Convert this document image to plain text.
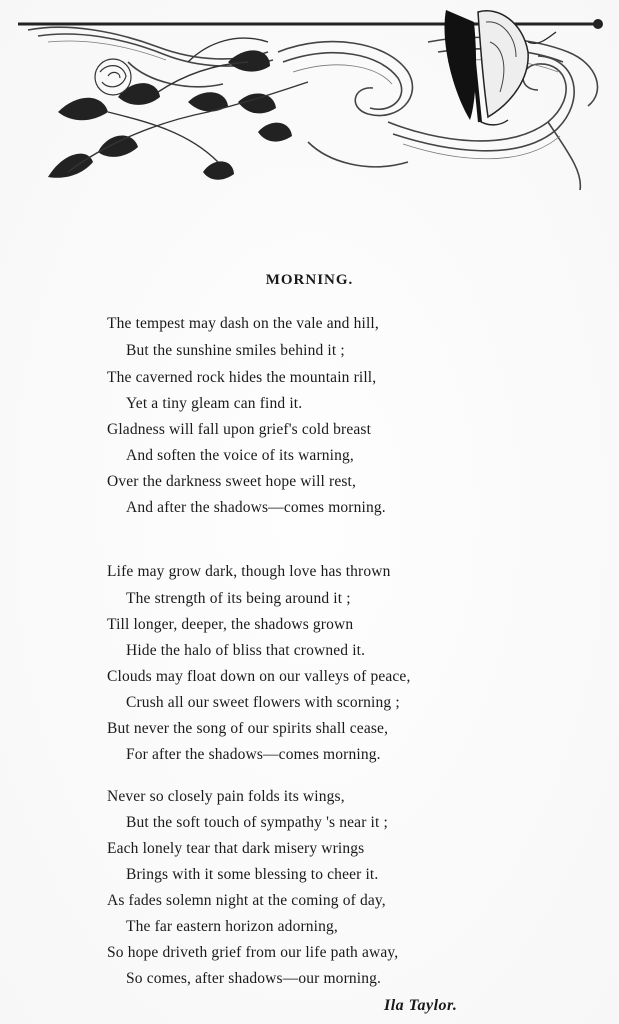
MORNING.
The tempest may dash on the vale and hill,
But the sunshine smiles behind it ;
The caverned rock hides the mountain rill,
Yet a tiny gleam can find it.
Gladness will fall upon grief's cold breast
And soften the voice of its warning,
Over the darkness sweet hope will rest,
And after the shadows—comes morning.
Life may grow dark, though love has thrown
The strength of its being around it ;
Till longer, deeper, the shadows grown
Hide the halo of bliss that crowned it.
Clouds may float down on our valleys of peace,
Crush all our sweet flowers with scorning ;
But never the song of our spirits shall cease,
For after the shadows—comes morning.
Never so closely pain folds its wings,
But the soft touch of sympathy 's near it ;
Each lonely tear that dark misery wrings
Brings with it some blessing to cheer it.
As fades solemn night at the coming of day,
The far eastern horizon adorning,
So hope driveth grief from our life path away,
So comes, after shadows—our morning.
Ila Taylor.
